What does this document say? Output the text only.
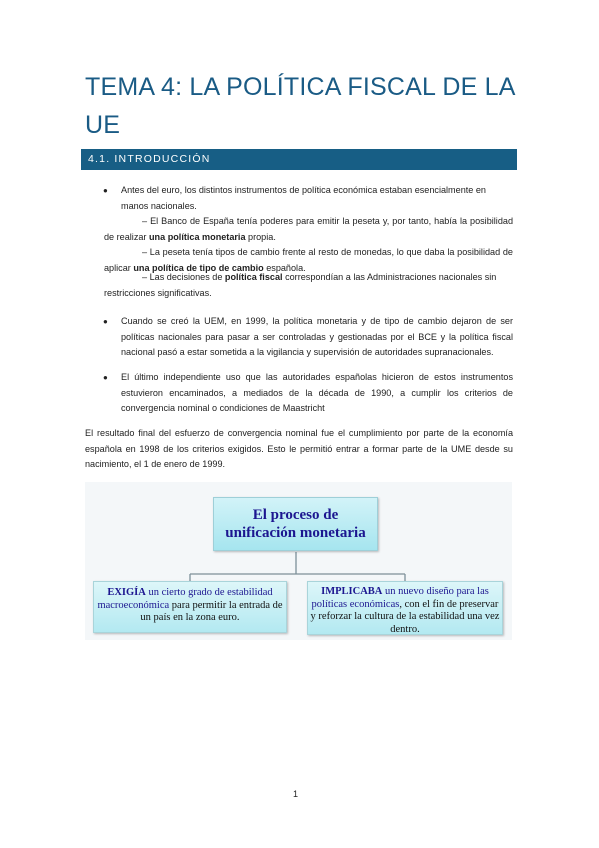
TEMA 4: LA POLÍTICA FISCAL DE LA UE
4.1. INTRODUCCIÓN
● Antes del euro, los distintos instrumentos de política económica estaban esencialmente en manos nacionales.
– El Banco de España tenía poderes para emitir la peseta y, por tanto, había la posibilidad de realizar una política monetaria propia.
– La peseta tenía tipos de cambio frente al resto de monedas, lo que daba la posibilidad de aplicar una política de tipo de cambio española.
– Las decisiones de política fiscal correspondían a las Administraciones nacionales sin restricciones significativas.
● Cuando se creó la UEM, en 1999, la política monetaria y de tipo de cambio dejaron de ser políticas nacionales para pasar a ser controladas y gestionadas por el BCE y la política fiscal nacional pasó a estar sometida a la vigilancia y supervisión de autoridades supranacionales.
● El último independiente uso que las autoridades españolas hicieron de estos instrumentos estuvieron encaminados, a mediados de la década de 1990, a cumplir los criterios de convergencia nominal o condiciones de Maastricht
El resultado final del esfuerzo de convergencia nominal fue el cumplimiento por parte de la economía española en 1998 de los criterios exigidos. Esto le permitió entrar a formar parte de la UME desde su nacimiento, el 1 de enero de 1999.
El proceso de
unificación monetaria
EXIGÍA un cierto grado de estabilidad macroeconómica para permitir la entrada de un país en la zona euro.
IMPLICABA un nuevo diseño para las políticas económicas, con el fin de preservar y reforzar la cultura de la estabilidad una vez dentro.
1
